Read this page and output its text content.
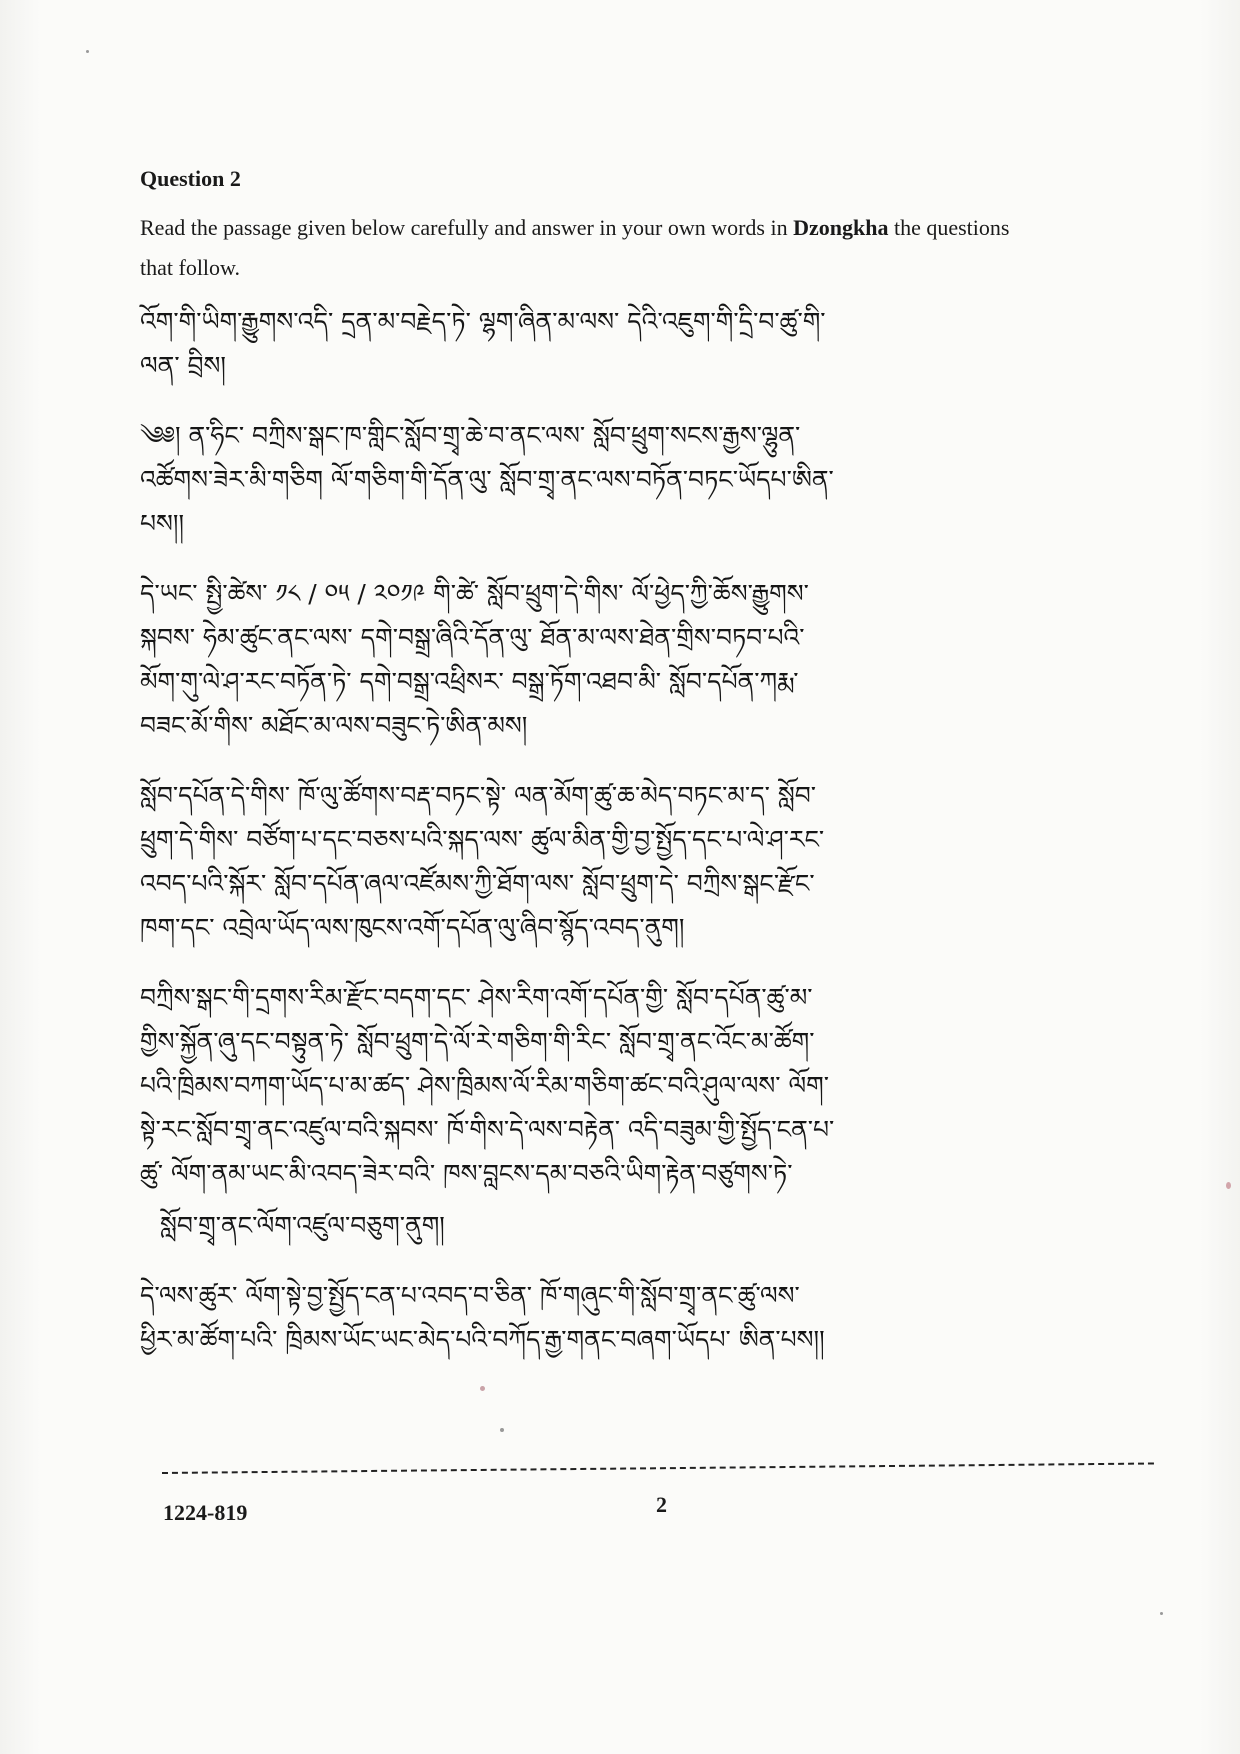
Question 2

Read the passage given below carefully and answer in your own words in Dzongkha the questions that follow.

འོག་གི་ཡིག་རྒྱུགས་འདི་ དྲན་མ་བརྗེད་ཏེ་ ལྷག་ཞིན་མ་ལས་ དེའི་འཇུག་གི་དྲི་བ་ཚུ་གི་ལན་ བྲིས།

༄༅། ན་ཧིང་ བཀྲིས་སྒང་ཁ་གླིང་སློབ་གྲྭ་ཆེ་བ་ནང་ལས་ སློབ་ཕྲུག་སངས་རྒྱས་ལྷུན་འཚོགས་ཟེར་མི་གཅིག ལོ་གཅིག་གི་དོན་ལུ་ སློབ་གྲྭ་ནང་ལས་བཏོན་བཏང་ཡོདཔ་ཨིན་པས།།

དེ་ཡང་ སྤྱི་ཚེས་ ༡༨ / ༠༥ / ༢༠༡༩ གི་ཚེ་ སློབ་ཕྲུག་དེ་གིས་ ལོ་ཕྱེད་ཀྱི་ཆོས་རྒྱུགས་སྐབས་ ཧེམ་ཚུང་ནང་ལས་ དགེ་བསྒྲ་ཞིའི་དོན་ལུ་ ཐོན་མ་ལས་ཐེན་གྲིས་བཏབ་པའི་ མོག་གུ་ལེ་ཤ་རང་བཏོན་ཏེ་ དགེ་བསྒྲ་འཕྲིསར་ བསྒྲ་ཏོག་འཐབ་མི་ སློབ་དཔོན་ཀརྨ་བཟང་མོ་གིས་ མཐོང་མ་ལས་བཟུང་ཏེ་ཨིན་མས།

སློབ་དཔོན་དེ་གིས་ ཁོ་ལུ་ཚོགས་བརྡ་བཏང་སྟེ་ ལན་མོག་ཚུ་ཆ་མེད་བཏང་མ་ད་ སློབ་ཕྲུག་དེ་གིས་ བཙོག་པ་དང་བཅས་པའི་སྐད་ལས་ ཚུལ་མིན་གྱི་བྱ་སྤྱོད་དང་པ་ལེ་ཤ་རང་འབད་པའི་སྐོར་ སློབ་དཔོན་ཞལ་འཛོམས་ཀྱི་ཐོག་ལས་ སློབ་ཕྲུག་དེ་ བཀྲིས་སྒང་རྫོང་ཁག་དང་ འབྲེལ་ཡོད་ལས་ཁུངས་འགོ་དཔོན་ལུ་ཞིབ་སྙོད་འབད་ནུག།

བཀྲིས་སྒང་གི་དྲགས་རིམ་རྫོང་བདག་དང་ ཤེས་རིག་འགོ་དཔོན་གྱི་ སློབ་དཔོན་ཚུ་མ་གྱིས་སྐྱོན་ཞུ་དང་བསྟུན་ཏེ་ སློབ་ཕྲུག་དེ་ལོ་རེ་གཅིག་གི་རིང་ སློབ་གྲྭ་ནང་འོང་མ་ཚོག་པའི་ཁྲིམས་བཀག་ཡོད་པ་མ་ཚད་ ཤེས་ཁྲིམས་ལོ་རིམ་གཅིག་ཚང་བའི་ཤུལ་ལས་ ལོག་སྟེ་རང་སློབ་གྲྭ་ནང་འཛུལ་བའི་སྐབས་ ཁོ་གིས་དེ་ལས་བརྟེན་ འདི་བཟུམ་གྱི་སྤྱོད་ངན་པ་ཚུ་ ལོག་ནམ་ཡང་མི་འབད་ཟེར་བའི་ ཁས་བླངས་དམ་བཅའི་ཡིག་རྟེན་བཙུགས་ཏེ་

སློབ་གྲྭ་ནང་ལོག་འཛུལ་བཅུག་ནུག།

དེ་ལས་ཚུར་ ལོག་སྟེ་བྱ་སྤྱོད་ངན་པ་འབད་བ་ཅིན་ ཁོ་གཞུང་གི་སློབ་གྲྭ་ནང་ཚུ་ལས་ ཕྱིར་མ་ཚོག་པའི་ ཁྲིམས་ཡོང་ཡང་མེད་པའི་བཀོད་རྒྱ་གནང་བཞག་ཡོདཔ་ ཨིན་པས།།

1224-819	2
